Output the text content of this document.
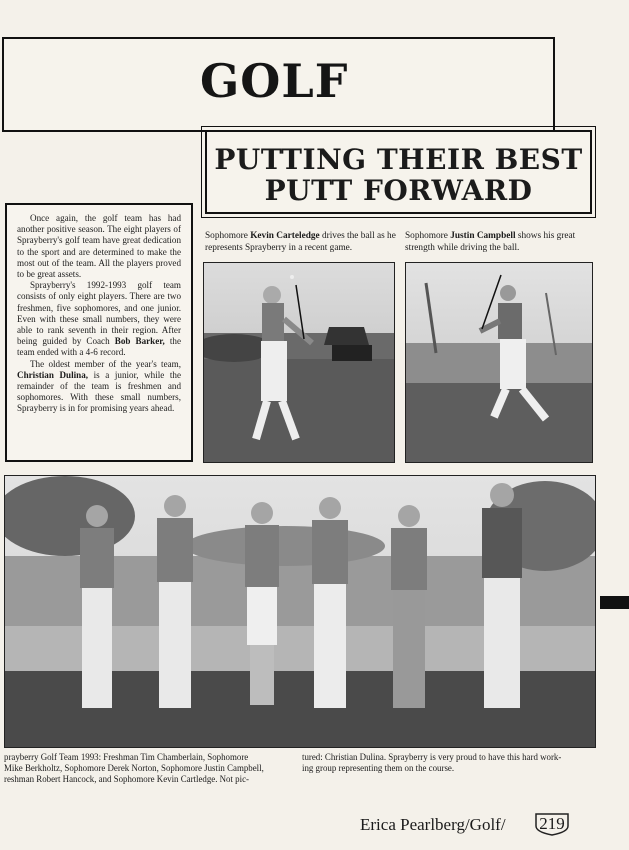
GOLF
PUTTING THEIR BEST
PUTT FORWARD

Once again, the golf team has had another positive season. The eight players of Sprayberry's golf team have great dedication to the sport and are determined to make the most out of the team. All the players proved to be great assets.

Sprayberry's 1992-1993 golf team consists of only eight players. There are two freshmen, five sophomores, and one junior. Even with these small numbers, they were able to rank seventh in their region. After being guided by Coach Bob Barker, the team ended with a 4-6 record.

The oldest member of the year's team, Christian Dulina, is a junior, while the remainder of the team is freshmen and sophomores. With these small numbers, Sprayberry is in for promising years ahead.

Sophomore Kevin Carteledge drives the ball as he represents Sprayberry in a recent game.
Sophomore Justin Campbell shows his great strength while driving the ball.
prayberry Golf Team 1993: Freshman Tim Chamberlain, Sophomore
Mike Berkholtz, Sophomore Derek Norton, Sophomore Justin Campbell,
reshman Robert Hancock, and Sophomore Kevin Cartledge. Not pic-
tured: Christian Dulina. Sprayberry is very proud to have this hard work-
ing group representing them on the course.
Erica Pearlberg/Golf/	219
